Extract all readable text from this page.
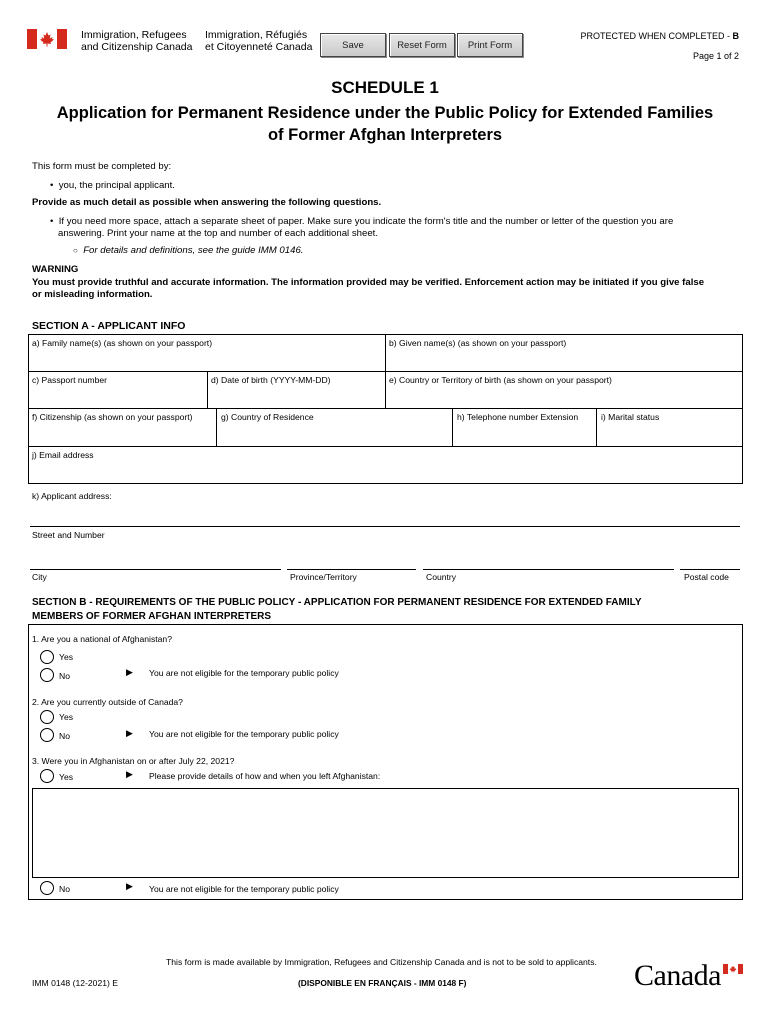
Immigration, Refugees
and Citizenship Canada
Immigration, Réfugiés
et Citoyenneté Canada	Save	Reset Form	Print Form
PROTECTED WHEN COMPLETED - B
Page 1 of 2
SCHEDULE 1
Application for Permanent Residence under the Public Policy for Extended Families
of Former Afghan Interpreters
This form must be completed by:
•  you, the principal applicant.
Provide as much detail as possible when answering the following questions.
•  If you need more space, attach a separate sheet of paper. Make sure you indicate the form's title and the number or letter of the question you are
answering. Print your name at the top and number of each additional sheet.
○ For details and definitions, see the guide IMM 0146.
WARNING
You must provide truthful and accurate information. The information provided may be verified. Enforcement action may be initiated if you give false
or misleading information.
SECTION A - APPLICANT INFO
a) Family name(s) (as shown on your passport)	b) Given name(s) (as shown on your passport)
c) Passport number	d) Date of birth (YYYY-MM-DD)	e) Country or Territory of birth (as shown on your passport)
f) Citizenship (as shown on your passport)	g) Country of Residence	h) Telephone number Extension	i) Marital status
j) Email address
k) Applicant address:
Street and Number
City	Province/Territory	Country	Postal code
SECTION B - REQUIREMENTS OF THE PUBLIC POLICY - APPLICATION FOR PERMANENT RESIDENCE FOR EXTENDED FAMILY
MEMBERS OF FORMER AFGHAN INTERPRETERS
1. Are you a national of Afghanistan?
Yes
No	▶ You are not eligible for the temporary public policy
2. Are you currently outside of Canada?
Yes
No	▶ You are not eligible for the temporary public policy
3. Were you in Afghanistan on or after July 22, 2021?
Yes	▶ Please provide details of how and when you left Afghanistan:
No	▶ You are not eligible for the temporary public policy
This form is made available by Immigration, Refugees and Citizenship Canada and is not to be sold to applicants.
IMM 0148 (12-2021) E	(DISPONIBLE EN FRANÇAIS - IMM 0148 F)	Canada
